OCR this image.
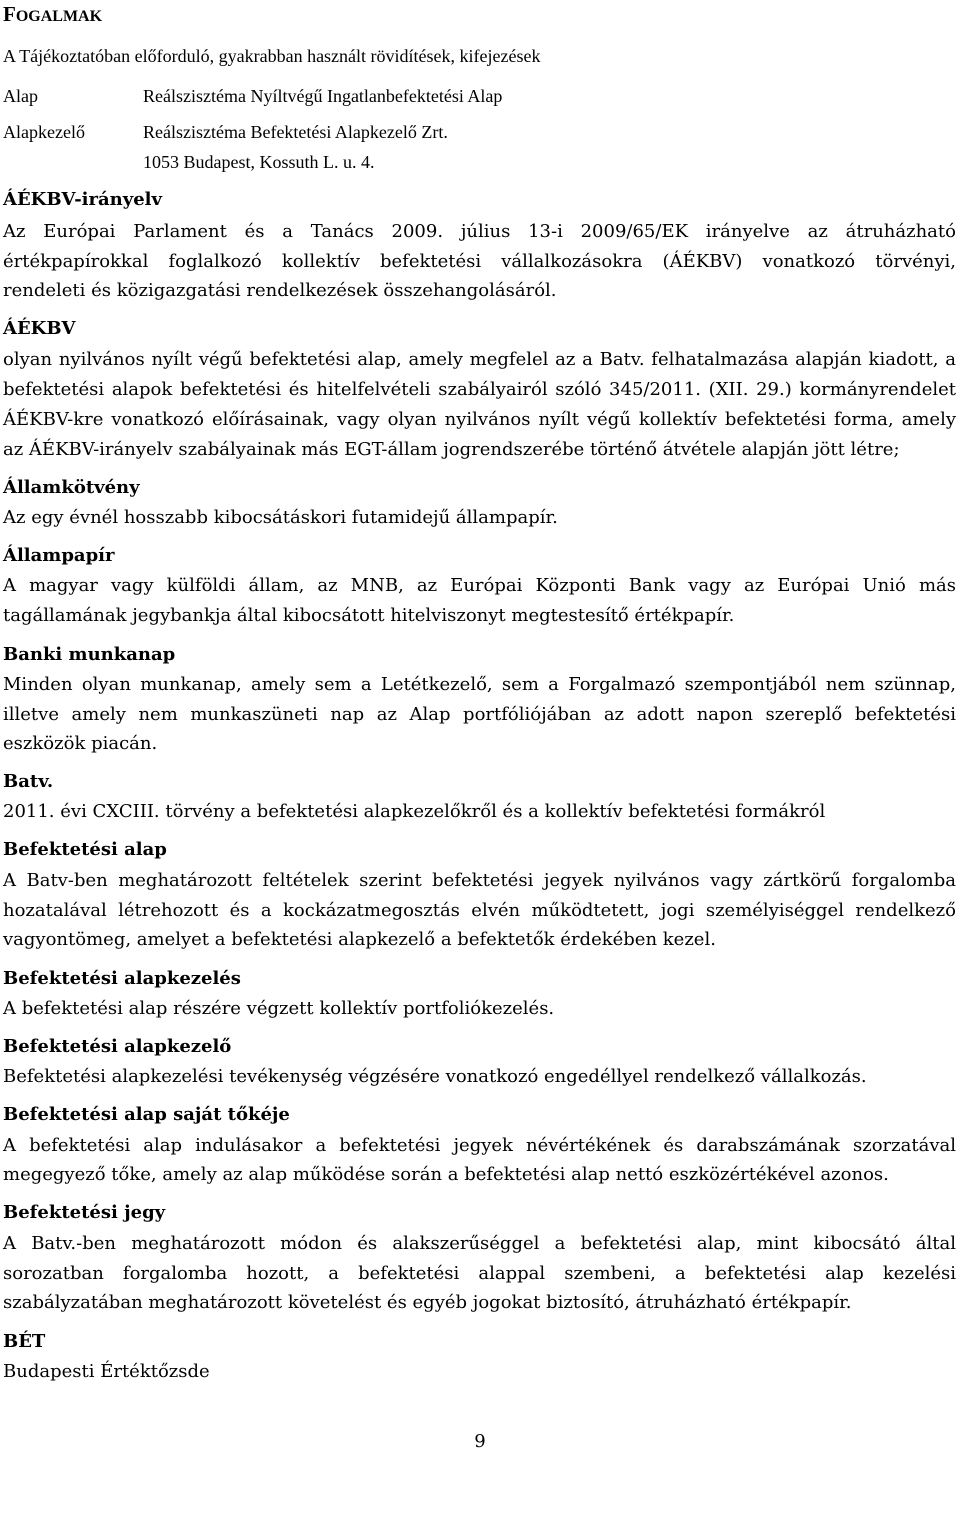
FOGALMAK
A Tájékoztatóban előforduló, gyakrabban használt rövidítések, kifejezések
Alap	Reálszisztéma Nyíltvégű Ingatlanbefektetési Alap
Alapkezelő	Reálszisztéma Befektetési Alapkezelő Zrt.
1053 Budapest, Kossuth L. u. 4.
ÁÉKBV-irányelv
Az Európai Parlament és a Tanács 2009. július 13-i 2009/65/EK irányelve az átruházható
értékpapírokkal foglalkozó kollektív befektetési vállalkozásokra (ÁÉKBV) vonatkozó törvényi,
rendeleti és közigazgatási rendelkezések összehangolásáról.
ÁÉKBV
olyan nyilvános nyílt végű befektetési alap, amely megfelel az a Batv. felhatalmazása alapján kiadott, a
befektetési alapok befektetési és hitelfelvételi szabályairól szóló 345/2011. (XII. 29.) kormányrendelet
ÁÉKBV-kre vonatkozó előírásainak, vagy olyan nyilvános nyílt végű kollektív befektetési forma, amely
az ÁÉKBV-irányelv szabályainak más EGT-állam jogrendszerébe történő átvétele alapján jött létre;
Államkötvény
Az egy évnél hosszabb kibocsátáskori futamidejű állampapír.
Állampapír
A magyar vagy külföldi állam, az MNB, az Európai Központi Bank vagy az Európai Unió más
tagállamának jegybankja által kibocsátott hitelviszonyt megtestesítő értékpapír.
Banki munkanap
Minden olyan munkanap, amely sem a Letétkezelő, sem a Forgalmazó szempontjából nem szünnap,
illetve amely nem munkaszüneti nap az Alap portfóliójában az adott napon szereplő befektetési
eszközök piacán.
Batv.
2011. évi CXCIII. törvény a befektetési alapkezelőkről és a kollektív befektetési formákról
Befektetési alap
A Batv-ben meghatározott feltételek szerint befektetési jegyek nyilvános vagy zártkörű forgalomba
hozatalával létrehozott és a kockázatmegosztás elvén működtetett, jogi személyiséggel rendelkező
vagyontömeg, amelyet a befektetési alapkezelő a befektetők érdekében kezel.
Befektetési alapkezelés
A befektetési alap részére végzett kollektív portfoliókezelés.
Befektetési alapkezelő
Befektetési alapkezelési tevékenység végzésére vonatkozó engedéllyel rendelkező vállalkozás.
Befektetési alap saját tőkéje
A befektetési alap indulásakor a befektetési jegyek névértékének és darabszámának szorzatával
megegyező tőke, amely az alap működése során a befektetési alap nettó eszközértékével azonos.
Befektetési jegy
A Batv.-ben meghatározott módon és alakszerűséggel a befektetési alap, mint kibocsátó által
sorozatban forgalomba hozott, a befektetési alappal szembeni, a befektetési alap kezelési
szabályzatában meghatározott követelést és egyéb jogokat biztosító, átruházható értékpapír.
BÉT
Budapesti Értéktőzsde
9
